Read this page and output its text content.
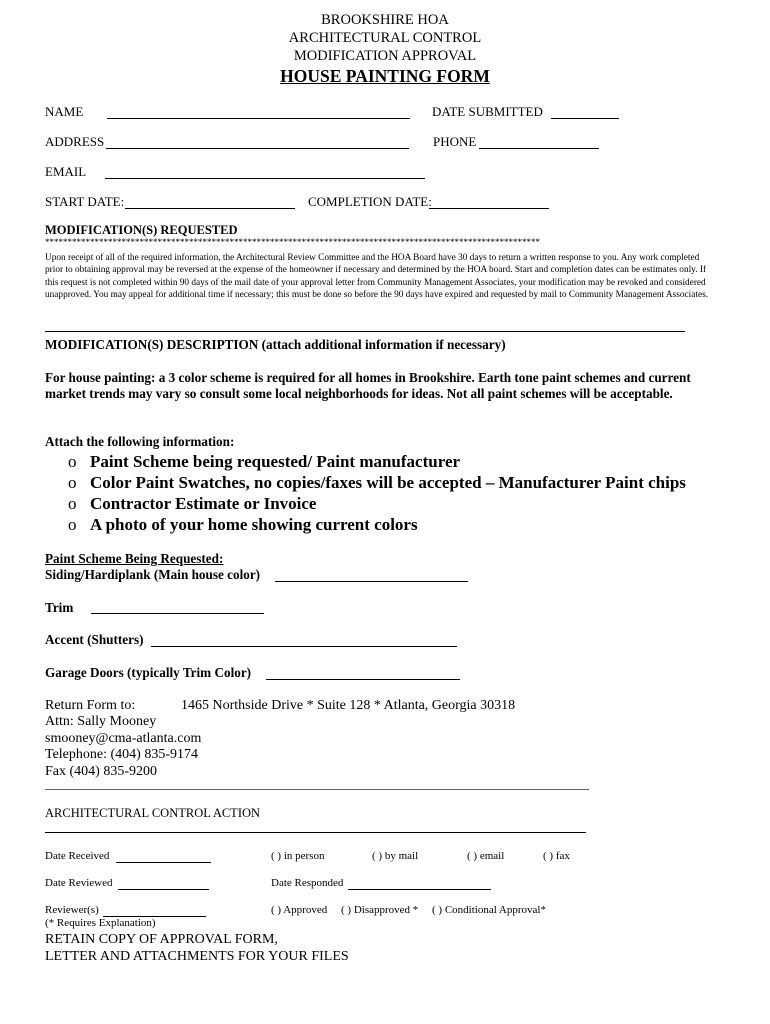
BROOKSHIRE HOA
ARCHITECTURAL CONTROL
MODIFICATION APPROVAL
HOUSE PAINTING FORM
NAME	DATE SUBMITTED
ADDRESS	PHONE
EMAIL
START DATE:	COMPLETION DATE:
MODIFICATION(S) REQUESTED
**************************************************************************************************************
Upon receipt of all of the required information, the Architectural Review Committee and the HOA Board have 30 days to return a written response to you. Any work completed prior to obtaining approval may be reversed at the expense of the homeowner if necessary and determined by the HOA board. Start and completion dates can be estimates only. If this request is not completed within 90 days of the mail date of your approval letter from Community Management Associates, your modification may be revoked and considered unapproved. You may appeal for additional time if necessary; this must be done so before the 90 days have expired and requested by mail to Community Management Associates.
MODIFICATION(S) DESCRIPTION (attach additional information if necessary)
For house painting: a 3 color scheme is required for all homes in Brookshire. Earth tone paint schemes and current market trends may vary so consult some local neighborhoods for ideas. Not all paint schemes will be acceptable.
Attach the following information:
o Paint Scheme being requested/ Paint manufacturer
o Color Paint Swatches, no copies/faxes will be accepted – Manufacturer Paint chips
o Contractor Estimate or Invoice
o A photo of your home showing current colors
Paint Scheme Being Requested:
Siding/Hardiplank (Main house color)
Trim
Accent (Shutters)
Garage Doors (typically Trim Color)
Return Form to:	1465 Northside Drive * Suite 128 * Atlanta, Georgia 30318
Attn: Sally Mooney
smooney@cma-atlanta.com
Telephone: (404) 835-9174
Fax (404) 835-9200
ARCHITECTURAL CONTROL ACTION
Date Received	( ) in person	( ) by mail	( ) email	( ) fax
Date Reviewed	Date Responded
Reviewer(s)	( ) Approved ( ) Disapproved * ( ) Conditional Approval*
(* Requires Explanation)
RETAIN COPY OF APPROVAL FORM,
LETTER AND ATTACHMENTS FOR YOUR FILES
